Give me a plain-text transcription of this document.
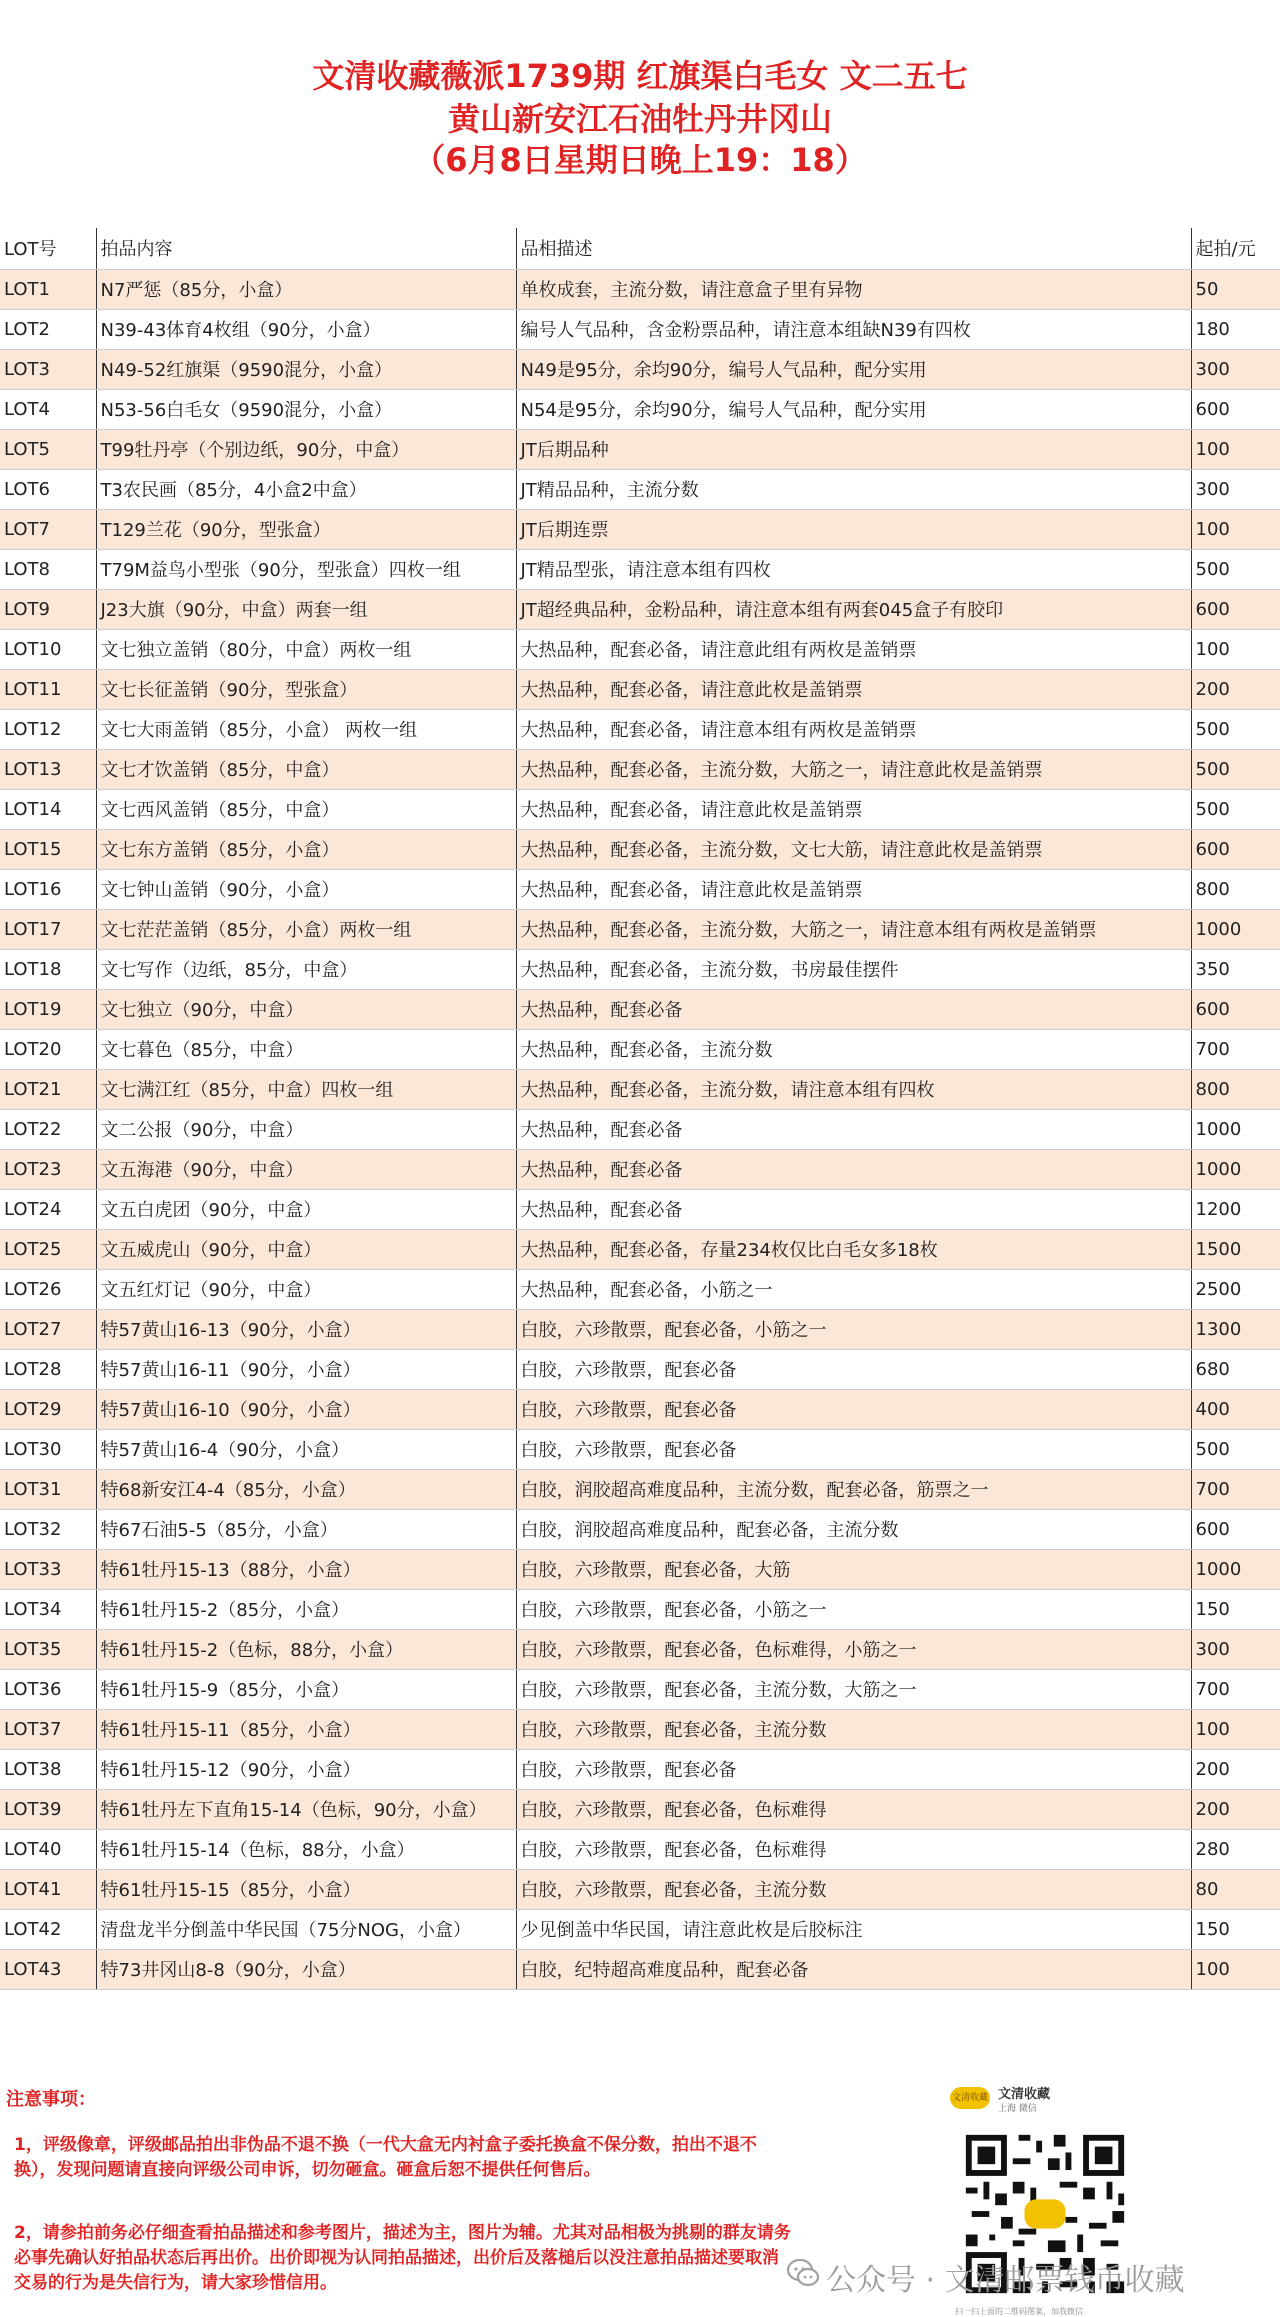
文清收藏薇派1739期 红旗渠白毛女 文二五七
黄山新安江石油牡丹井冈山
（6月8日星期日晚上19：18）
LOT号	拍品内容	品相描述	起拍/元
LOT1	N7严惩（85分，小盒）	单枚成套，主流分数，请注意盒子里有异物	50
LOT2	N39-43体育4枚组（90分，小盒）	编号人气品种，含金粉票品种，请注意本组缺N39有四枚	180
LOT3	N49-52红旗渠（9590混分，小盒）	N49是95分，余均90分，编号人气品种，配分实用	300
LOT4	N53-56白毛女（9590混分，小盒）	N54是95分，余均90分，编号人气品种，配分实用	600
LOT5	T99牡丹亭（个别边纸，90分，中盒）	JT后期品种	100
LOT6	T3农民画（85分，4小盒2中盒）	JT精品品种，主流分数	300
LOT7	T129兰花（90分，型张盒）	JT后期连票	100
LOT8	T79M益鸟小型张（90分，型张盒）四枚一组	JT精品型张，请注意本组有四枚	500
LOT9	J23大旗（90分，中盒）两套一组	JT超经典品种，金粉品种，请注意本组有两套045盒子有胶印	600
LOT10	文七独立盖销（80分，中盒）两枚一组	大热品种，配套必备，请注意此组有两枚是盖销票	100
LOT11	文七长征盖销（90分，型张盒）	大热品种，配套必备，请注意此枚是盖销票	200
LOT12	文七大雨盖销（85分，小盒） 两枚一组	大热品种，配套必备，请注意本组有两枚是盖销票	500
LOT13	文七才饮盖销（85分，中盒）	大热品种，配套必备，主流分数，大筋之一，请注意此枚是盖销票	500
LOT14	文七西风盖销（85分，中盒）	大热品种，配套必备，请注意此枚是盖销票	500
LOT15	文七东方盖销（85分，小盒）	大热品种，配套必备，主流分数，文七大筋，请注意此枚是盖销票	600
LOT16	文七钟山盖销（90分，小盒）	大热品种，配套必备，请注意此枚是盖销票	800
LOT17	文七茫茫盖销（85分，小盒）两枚一组	大热品种，配套必备，主流分数，大筋之一，请注意本组有两枚是盖销票	1000
LOT18	文七写作（边纸，85分，中盒）	大热品种，配套必备，主流分数，书房最佳摆件	350
LOT19	文七独立（90分，中盒）	大热品种，配套必备	600
LOT20	文七暮色（85分，中盒）	大热品种，配套必备，主流分数	700
LOT21	文七满江红（85分，中盒）四枚一组	大热品种，配套必备，主流分数，请注意本组有四枚	800
LOT22	文二公报（90分，中盒）	大热品种，配套必备	1000
LOT23	文五海港（90分，中盒）	大热品种，配套必备	1000
LOT24	文五白虎团（90分，中盒）	大热品种，配套必备	1200
LOT25	文五威虎山（90分，中盒）	大热品种，配套必备，存量234枚仅比白毛女多18枚	1500
LOT26	文五红灯记（90分，中盒）	大热品种，配套必备，小筋之一	2500
LOT27	特57黄山16-13（90分，小盒）	白胶，六珍散票，配套必备，小筋之一	1300
LOT28	特57黄山16-11（90分，小盒）	白胶，六珍散票，配套必备	680
LOT29	特57黄山16-10（90分，小盒）	白胶，六珍散票，配套必备	400
LOT30	特57黄山16-4（90分，小盒）	白胶，六珍散票，配套必备	500
LOT31	特68新安江4-4（85分，小盒）	白胶，润胶超高难度品种，主流分数，配套必备，筋票之一	700
LOT32	特67石油5-5（85分，小盒）	白胶，润胶超高难度品种，配套必备，主流分数	600
LOT33	特61牡丹15-13（88分，小盒）	白胶，六珍散票，配套必备，大筋	1000
LOT34	特61牡丹15-2（85分，小盒）	白胶，六珍散票，配套必备，小筋之一	150
LOT35	特61牡丹15-2（色标，88分，小盒）	白胶，六珍散票，配套必备，色标难得，小筋之一	300
LOT36	特61牡丹15-9（85分，小盒）	白胶，六珍散票，配套必备，主流分数，大筋之一	700
LOT37	特61牡丹15-11（85分，小盒）	白胶，六珍散票，配套必备，主流分数	100
LOT38	特61牡丹15-12（90分，小盒）	白胶，六珍散票，配套必备	200
LOT39	特61牡丹左下直角15-14（色标，90分，小盒）	白胶，六珍散票，配套必备，色标难得	200
LOT40	特61牡丹15-14（色标，88分，小盒）	白胶，六珍散票，配套必备，色标难得	280
LOT41	特61牡丹15-15（85分，小盒）	白胶，六珍散票，配套必备，主流分数	80
LOT42	清盘龙半分倒盖中华民国（75分NOG，小盒）	少见倒盖中华民国，请注意此枚是后胶标注	150
LOT43	特73井冈山8-8（90分，小盒）	白胶，纪特超高难度品种，配套必备	100
注意事项：
1，评级像章，评级邮品拍出非伪品不退不换（一代大盒无内衬盒子委托换盒不保分数，拍出不退不换），发现问题请直接向评级公司申诉，切勿砸盒。砸盒后恕不提供任何售后。
2，请参拍前务必仔细查看拍品描述和参考图片，描述为主，图片为辅。尤其对品相极为挑剔的群友请务必事先确认好拍品状态后再出价。出价即视为认同拍品描述，出价后及落槌后以没注意拍品描述要取消交易的行为是失信行为，请大家珍惜信用。
文清收藏 文清收藏
上海 微信
扫一扫上面的二维码图案，加我微信
公众号 · 文清邮票钱币收藏
